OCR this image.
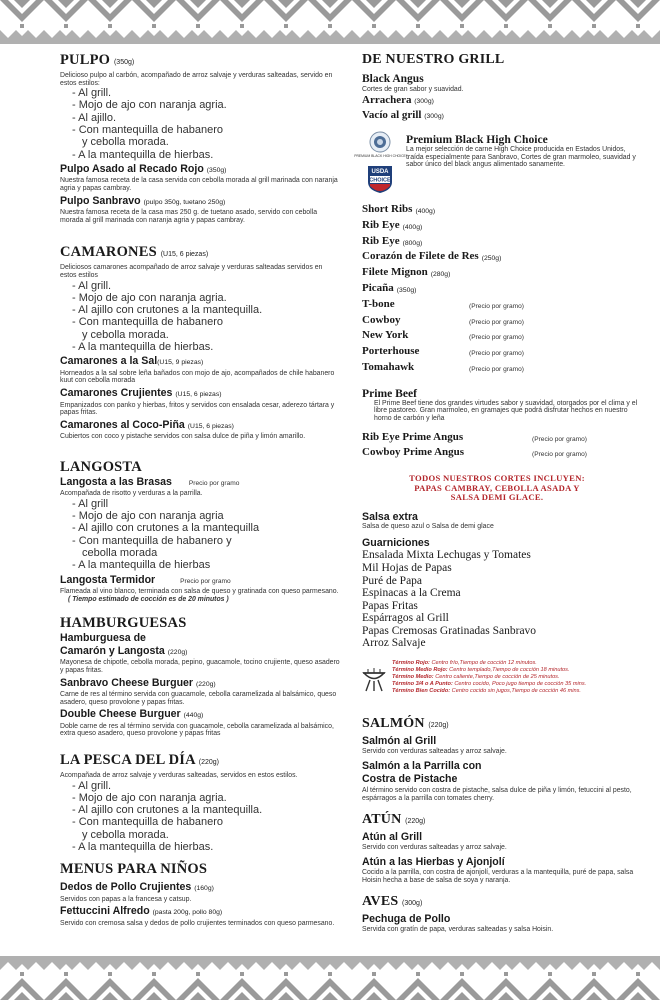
PULPO (350g)

Delicioso pulpo al carbón, acompañado de arroz salvaje y verduras salteadas, servido en estos estilos:

- Al grill.

- Mojo de ajo con naranja agria.

- Al ajillo.

- Con mantequilla de habanero

y cebolla morada.

- A la mantequilla de hierbas.

Pulpo Asado al Recado Rojo (350g)

Nuestra famosa receta de la casa servida con cebolla morada al grill marinada con naranja agria y papas cambray.

Pulpo Sanbravo (pulpo 350g, tuetano 250g)

Nuestra famosa receta de la casa mas 250 g. de tuetano asado, servido con cebolla morada al grill marinada con naranja agria y papas cambray.

CAMARONES (U15, 6 piezas)

Deliciosos camarones acompañado de arroz salvaje y verduras salteadas servidos en estos estilos

- Al grill.

- Mojo de ajo con naranja agria.

- Al ajillo con crutones a la mantequilla.

- Con mantequilla de habanero

y cebolla morada.

- A la mantequilla de hierbas.

Camarones a la Sal(U15, 9 piezas)

Horneados a la sal sobre leña bañados con mojo de ajo, acompañados de chile habanero kuut con cebolla morada

Camarones Crujientes (U15, 6 piezas)

Empanizados con panko y hierbas, fritos y servidos con ensalada cesar, aderezo tártara y papas fritas.

Camarones al Coco-Piña (U15, 6 piezas)

Cubiertos con coco y pistache servidos con salsa dulce de piña y limón amarillo.

LANGOSTA

Langosta a las Brasas	Precio por gramo

Acompañada de risotto y verduras a la parrilla.

- Al grill

- Mojo de ajo con naranja agria

- Al ajillo con crutones a la mantequilla

- Con mantequilla de habanero y

cebolla morada

- A la mantequilla de hierbas

Langosta Termidor	Precio por gramo

Flameada al vino blanco, terminada con salsa de queso y gratinada con queso parmesano.

( Tiempo estimado de cocción es de 20 minutos )

HAMBURGUESAS

Hamburguesa de

Camarón y Langosta (220g)

Mayonesa de chipotle, cebolla morada, pepino, guacamole, tocino crujiente, queso asadero y papas fritas.

Sanbravo Cheese Burguer (220g)

Carne de res al término servida con guacamole, cebolla caramelizada al balsámico, queso asadero, queso provolone y papas fritas.

Double Cheese Burguer (440g)

Doble carne de res al término servida con guacamole, cebolla caramelizada al balsámico, extra queso asadero, queso provolone y papas fritas

LA PESCA DEL DÍA (220g)

Acompañada de arroz salvaje y verduras salteadas, servidos en estos estilos.

- Al grill.

- Mojo de ajo con naranja agria.

- Al ajillo con crutones a la mantequilla.

- Con mantequilla de habanero

y cebolla morada.

- A la mantequilla de hierbas.

MENUS PARA NIÑOS

Dedos de Pollo Crujientes (160g)

Servidos con papas a la francesa y catsup.

Fettuccini Alfredo (pasta 200g, pollo 80g)

Servido con cremosa salsa y dedos de pollo crujientes terminados con queso parmesano.

DE NUESTRO GRILL

Black Angus

Cortes de gran sabor y suavidad.

Arrachera (300g)

Vacío al grill (300g)

PREMIUM BLACK HIGH CHOICE

USDA
CHOICE

Premium Black High Choice

La mejor selección de carne High Choice producida en Estados Unidos, traída especialmente para Sanbravo, Cortes de gran marmoleo, suavidad y sabor único del black angus alimentado sanamente.

Short Ribs (400g)
Rib Eye (400g)
Rib Eye (800g)
Corazón de Filete de Res (250g)
Filete Mignon (280g)
Picaña (350g)
T-bone	(Precio por gramo)
Cowboy	(Precio por gramo)
New York	(Precio por gramo)
Porterhouse	(Precio por gramo)
Tomahawk	(Precio por gramo)

Prime Beef

El Prime Beef tiene dos grandes virtudes sabor y suavidad, otorgados por el clima y el libre pastoreo. Gran marmoleo, en gramajes que podrá disfrutar hechos en nuestro horno de carbón y leña

Rib Eye Prime Angus	(Precio por gramo)
Cowboy Prime Angus	(Precio por gramo)

TODOS NUESTROS CORTES INCLUYEN:

PAPAS CAMBRAY, CEBOLLA ASADA Y

SALSA DEMI GLACE.

Salsa extra

Salsa de queso azul o Salsa de demi glace

Guarniciones

Ensalada Mixta Lechugas y Tomates

Mil Hojas de Papas

Puré de Papa

Espinacas a la Crema

Papas Fritas

Espárragos al Grill

Papas Cremosas Gratinadas Sanbravo

Arroz Salvaje

Término Rojo: Centro frío,Tiempo de cocción 12 minutos.

Término Medio Rojo: Centro templado,Tiempo de cocción 18 minutos.

Término Medio: Centro caliente,Tiempo de cocción de 25 minutos.

Término 3/4 o A Punto: Centro cocido, Poco jugo tiempo de cocción 35 mins.

Término Bien Cocido: Centro cocido sin jugos,Tiempo de cocción 46 mins.

SALMÓN (220g)

Salmón al Grill

Servido con verduras salteadas y arroz salvaje.

Salmón a la Parrilla con

Costra de Pistache

Al término servido con costra de pistache, salsa dulce de piña y limón, fetuccini al pesto, espárragos a la parrilla con tomates cherry.

ATÚN (220g)

Atún al Grill

Servido con verduras salteadas y arroz salvaje.

Atún a las Hierbas y Ajonjolí

Cocido a la parrilla, con costra de ajonjolí, verduras a la mantequilla, puré de papa, salsa Hoisin hecha a base de salsa de soya y naranja.

AVES (300g)

Pechuga de Pollo

Servida con gratín de papa, verduras salteadas y salsa Hoisin.
